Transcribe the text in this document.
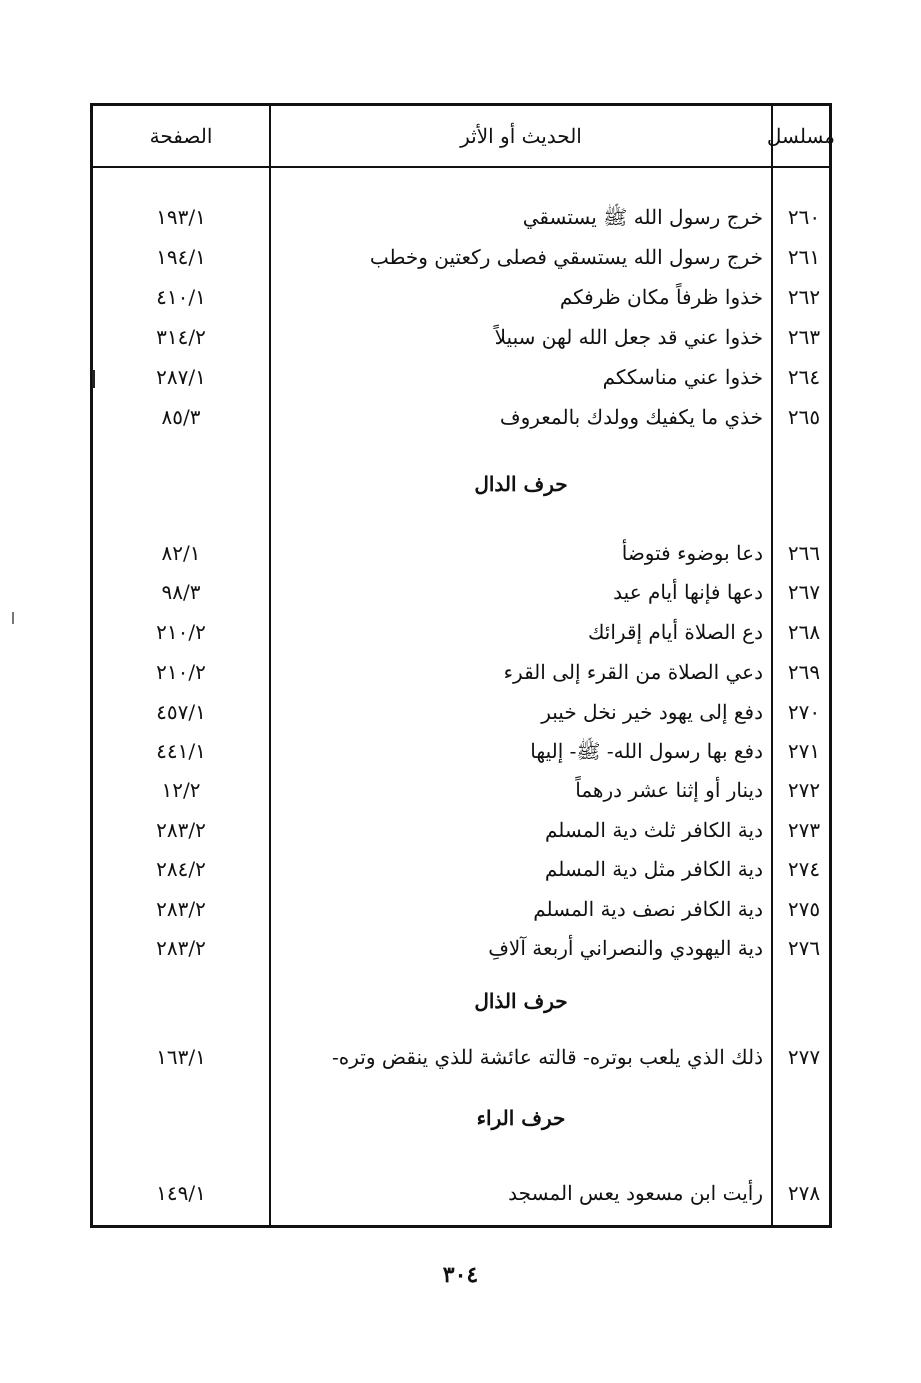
الصفحة	الحديث أو الأثر	مسلسل
١٩٣/١	خرج رسول الله ﷺ يستسقي	٢٦٠
١٩٤/١	خرج رسول الله يستسقي فصلى ركعتين وخطب	٢٦١
٤١٠/١	خذوا ظرفاً مكان ظرفكم	٢٦٢
٣١٤/٢	خذوا عني قد جعل الله لهن سبيلاً	٢٦٣
٢٨٧/١	خذوا عني مناسككم	٢٦٤
٨٥/٣	خذي ما يكفيك وولدك بالمعروف	٢٦٥
حرف الدال
٨٢/١	دعا بوضوء فتوضأ	٢٦٦
٩٨/٣	دعها فإنها أيام عيد	٢٦٧
٢١٠/٢	دع الصلاة أيام إقرائك	٢٦٨
٢١٠/٢	دعي الصلاة من القرء إلى القرء	٢٦٩
٤٥٧/١	دفع إلى يهود خير نخل خيبر	٢٧٠
٤٤١/١	دفع بها رسول الله- ﷺ- إليها	٢٧١
١٢/٢	دينار أو إثنا عشر درهماً	٢٧٢
٢٨٣/٢	دية الكافر ثلث دية المسلم	٢٧٣
٢٨٤/٢	دية الكافر مثل دية المسلم	٢٧٤
٢٨٣/٢	دية الكافر نصف دية المسلم	٢٧٥
٢٨٣/٢	دية اليهودي والنصراني أربعة آلافِ	٢٧٦
حرف الذال
١٦٣/١	ذلك الذي يلعب بوتره- قالته عائشة للذي ينقض وتره-	٢٧٧
حرف الراء
١٤٩/١	رأيت ابن مسعود يعس المسجد	٢٧٨
٣٠٤
